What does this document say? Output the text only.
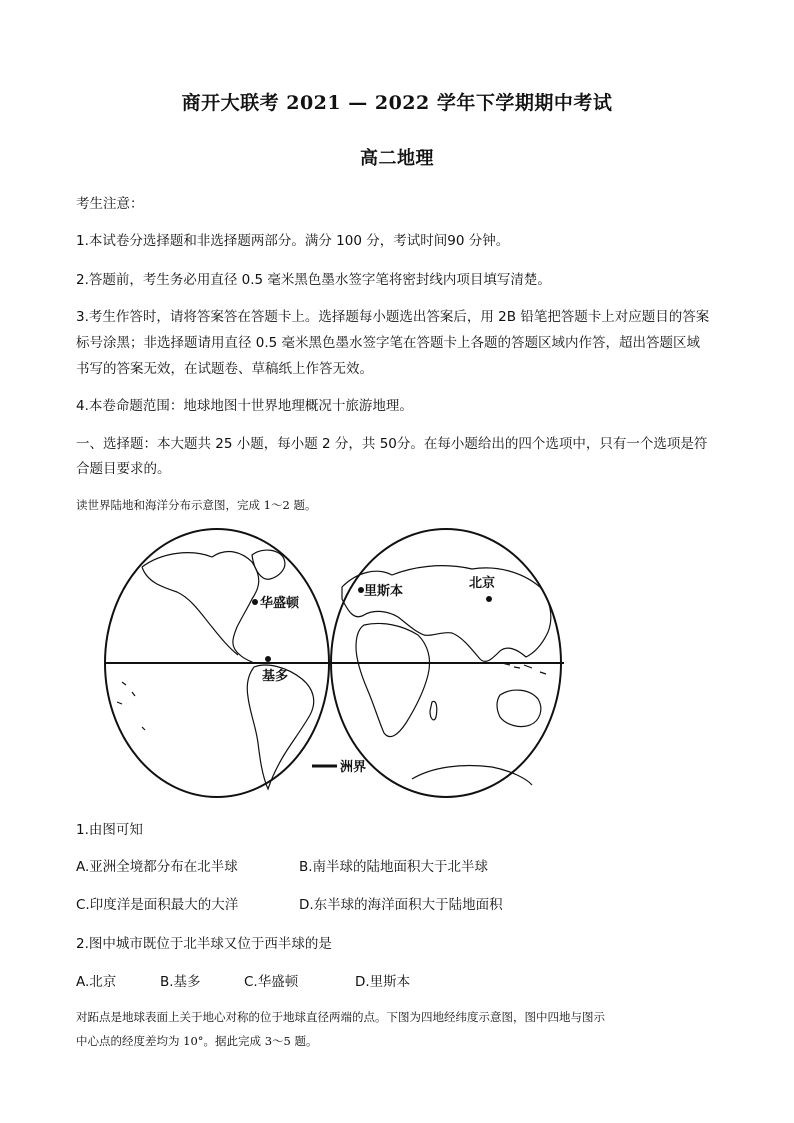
商开大联考 2021 — 2022 学年下学期期中考试
高二地理
考生注意：
1.本试卷分选择题和非选择题两部分。满分 100 分，考试时间90 分钟。
2.答题前，考生务必用直径 0.5 毫米黑色墨水签字笔将密封线内项目填写清楚。
3.考生作答时，请将答案答在答题卡上。选择题每小题选出答案后，用 2B 铅笔把答题卡上对应题目的答案
标号涂黑；非选择题请用直径 0.5 毫米黑色墨水签字笔在答题卡上各题的答题区域内作答，超出答题区域
书写的答案无效，在试题卷、草稿纸上作答无效。
4.本卷命题范围：地球地图十世界地理概况十旅游地理。
一、选择题：本大题共 25 小题，每小题 2 分，共 50分。在每小题给出的四个选项中，只有一个选项是符
合题目要求的。
读世界陆地和海洋分布示意图，完成 1～2 题。
华盛顿
基多
里斯本
北京
洲界
1.由图可知
A.亚洲全境都分布在北半球	B.南半球的陆地面积大于北半球
C.印度洋是面积最大的大洋	D.东半球的海洋面积大于陆地面积
2.图中城市既位于北半球又位于西半球的是
A.北京	B.基多	C.华盛顿	D.里斯本
对跖点是地球表面上关于地心对称的位于地球直径两端的点。下图为四地经纬度示意图，图中四地与图示
中心点的经度差均为 10°。据此完成 3～5 题。
